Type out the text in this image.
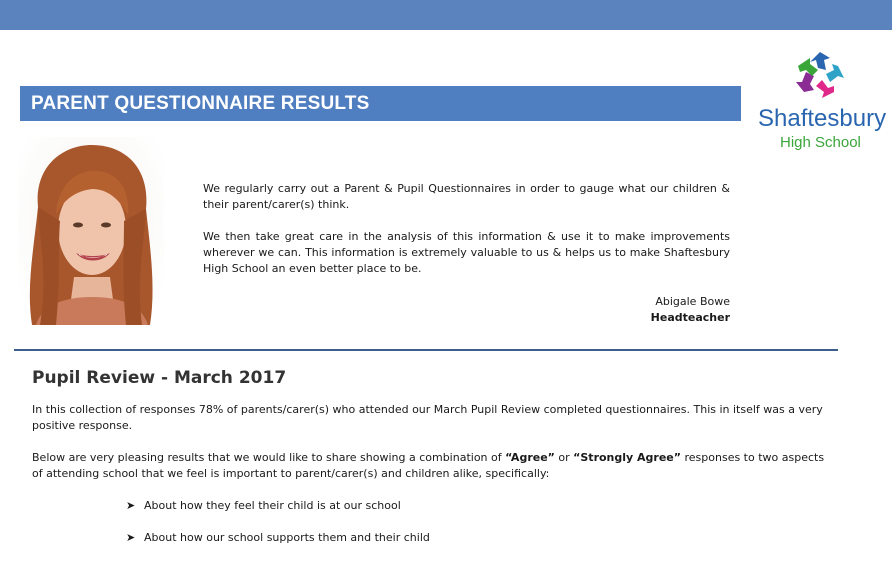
PARENT QUESTIONNAIRE RESULTS
Shaftesbury
High School

We regularly carry out a Parent & Pupil Questionnaires in order to gauge what our children & their parent/carer(s) think.

We then take great care in the analysis of this information & use it to make improvements wherever we can. This information is extremely valuable to us & helps us to make Shaftesbury High School an even better place to be.

Abigale Bowe
Headteacher
Pupil Review - March 2017

In this collection of responses 78% of parents/carer(s) who attended our March Pupil Review completed questionnaires. This in itself was a very positive response.

Below are very pleasing results that we would like to share showing a combination of “Agree” or “Strongly Agree” responses to two aspects of attending school that we feel is important to parent/carer(s) and children alike, specifically:

➤ About how they feel their child is at our school
➤ About how our school supports them and their child
